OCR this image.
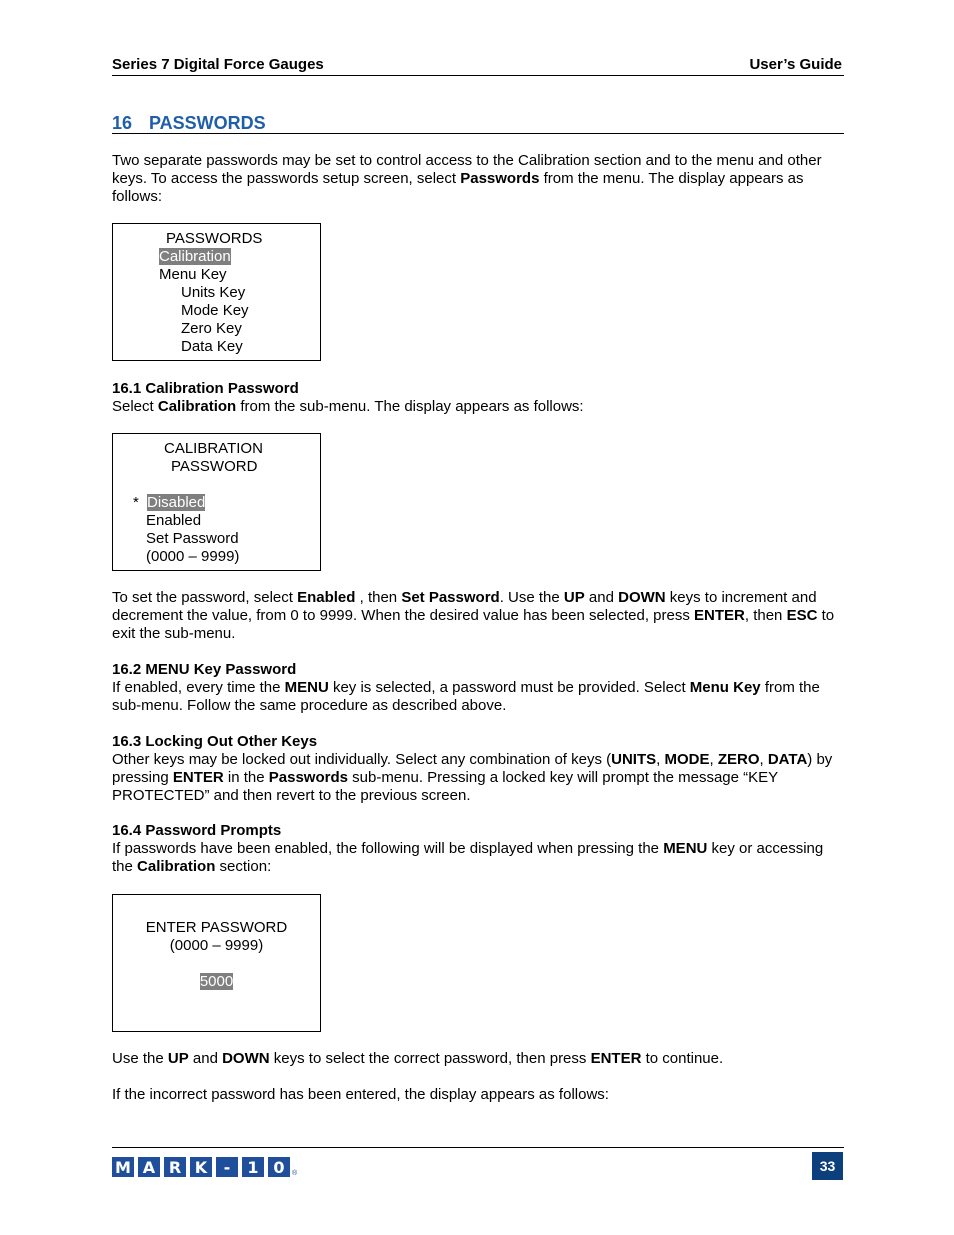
Series 7 Digital Force Gauges	User’s Guide
16 PASSWORDS
Two separate passwords may be set to control access to the Calibration section and to the menu and other keys. To access the passwords setup screen, select Passwords from the menu. The display appears as follows:
PASSWORDS
Calibration
Menu Key
Units Key
Mode Key
Zero Key
Data Key
16.1 Calibration Password
Select Calibration from the sub-menu. The display appears as follows:
CALIBRATION
PASSWORD
* Disabled
Enabled
Set Password
(0000 – 9999)
To set the password, select Enabled , then Set Password. Use the UP and DOWN keys to increment and decrement the value, from 0 to 9999. When the desired value has been selected, press ENTER, then ESC to exit the sub-menu.
16.2 MENU Key Password
If enabled, every time the MENU key is selected, a password must be provided. Select Menu Key from the sub-menu. Follow the same procedure as described above.
16.3 Locking Out Other Keys
Other keys may be locked out individually. Select any combination of keys (UNITS, MODE, ZERO, DATA) by pressing ENTER in the Passwords sub-menu. Pressing a locked key will prompt the message “KEY PROTECTED” and then revert to the previous screen.
16.4 Password Prompts
If passwords have been enabled, the following will be displayed when pressing the MENU key or accessing the Calibration section:
ENTER PASSWORD
(0000 – 9999)
5000
Use the UP and DOWN keys to select the correct password, then press ENTER to continue.
If the incorrect password has been entered, the display appears as follows:
M A R K	-	1 0	®	33
